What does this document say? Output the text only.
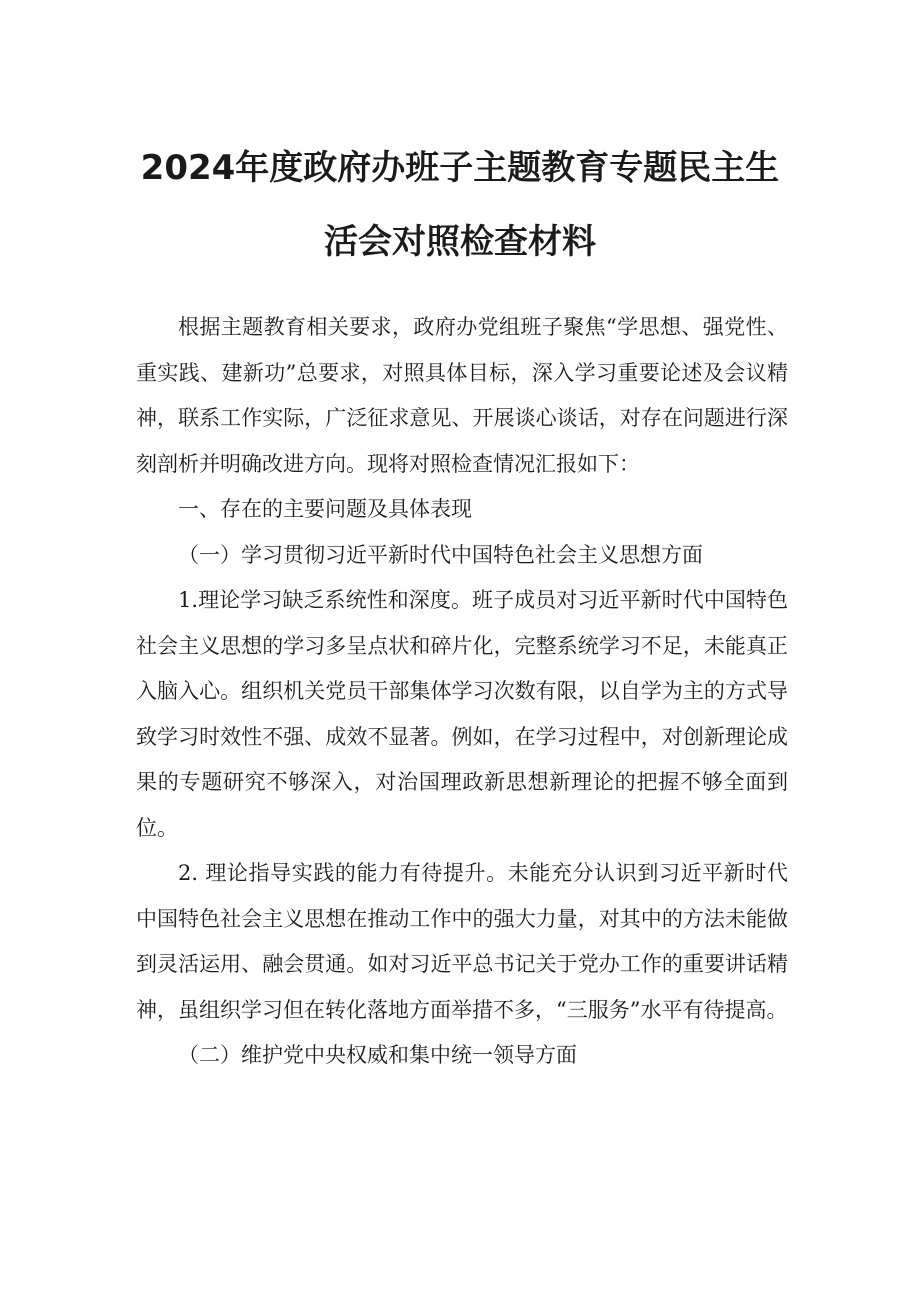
2024年度政府办班子主题教育专题民主生
活会对照检查材料

根据主题教育相关要求，政府办党组班子聚焦“学思想、强党性、重实践、建新功”总要求，对照具体目标，深入学习重要论述及会议精神，联系工作实际，广泛征求意见、开展谈心谈话，对存在问题进行深刻剖析并明确改进方向。现将对照检查情况汇报如下：

一、存在的主要问题及具体表现

（一）学习贯彻习近平新时代中国特色社会主义思想方面

1.理论学习缺乏系统性和深度。班子成员对习近平新时代中国特色社会主义思想的学习多呈点状和碎片化，完整系统学习不足，未能真正入脑入心。组织机关党员干部集体学习次数有限，以自学为主的方式导致学习时效性不强、成效不显著。例如，在学习过程中，对创新理论成果的专题研究不够深入，对治国理政新思想新理论的把握不够全面到位。

2. 理论指导实践的能力有待提升。未能充分认识到习近平新时代中国特色社会主义思想在推动工作中的强大力量，对其中的方法未能做到灵活运用、融会贯通。如对习近平总书记关于党办工作的重要讲话精神，虽组织学习但在转化落地方面举措不多，“三服务”水平有待提高。

（二）维护党中央权威和集中统一领导方面
